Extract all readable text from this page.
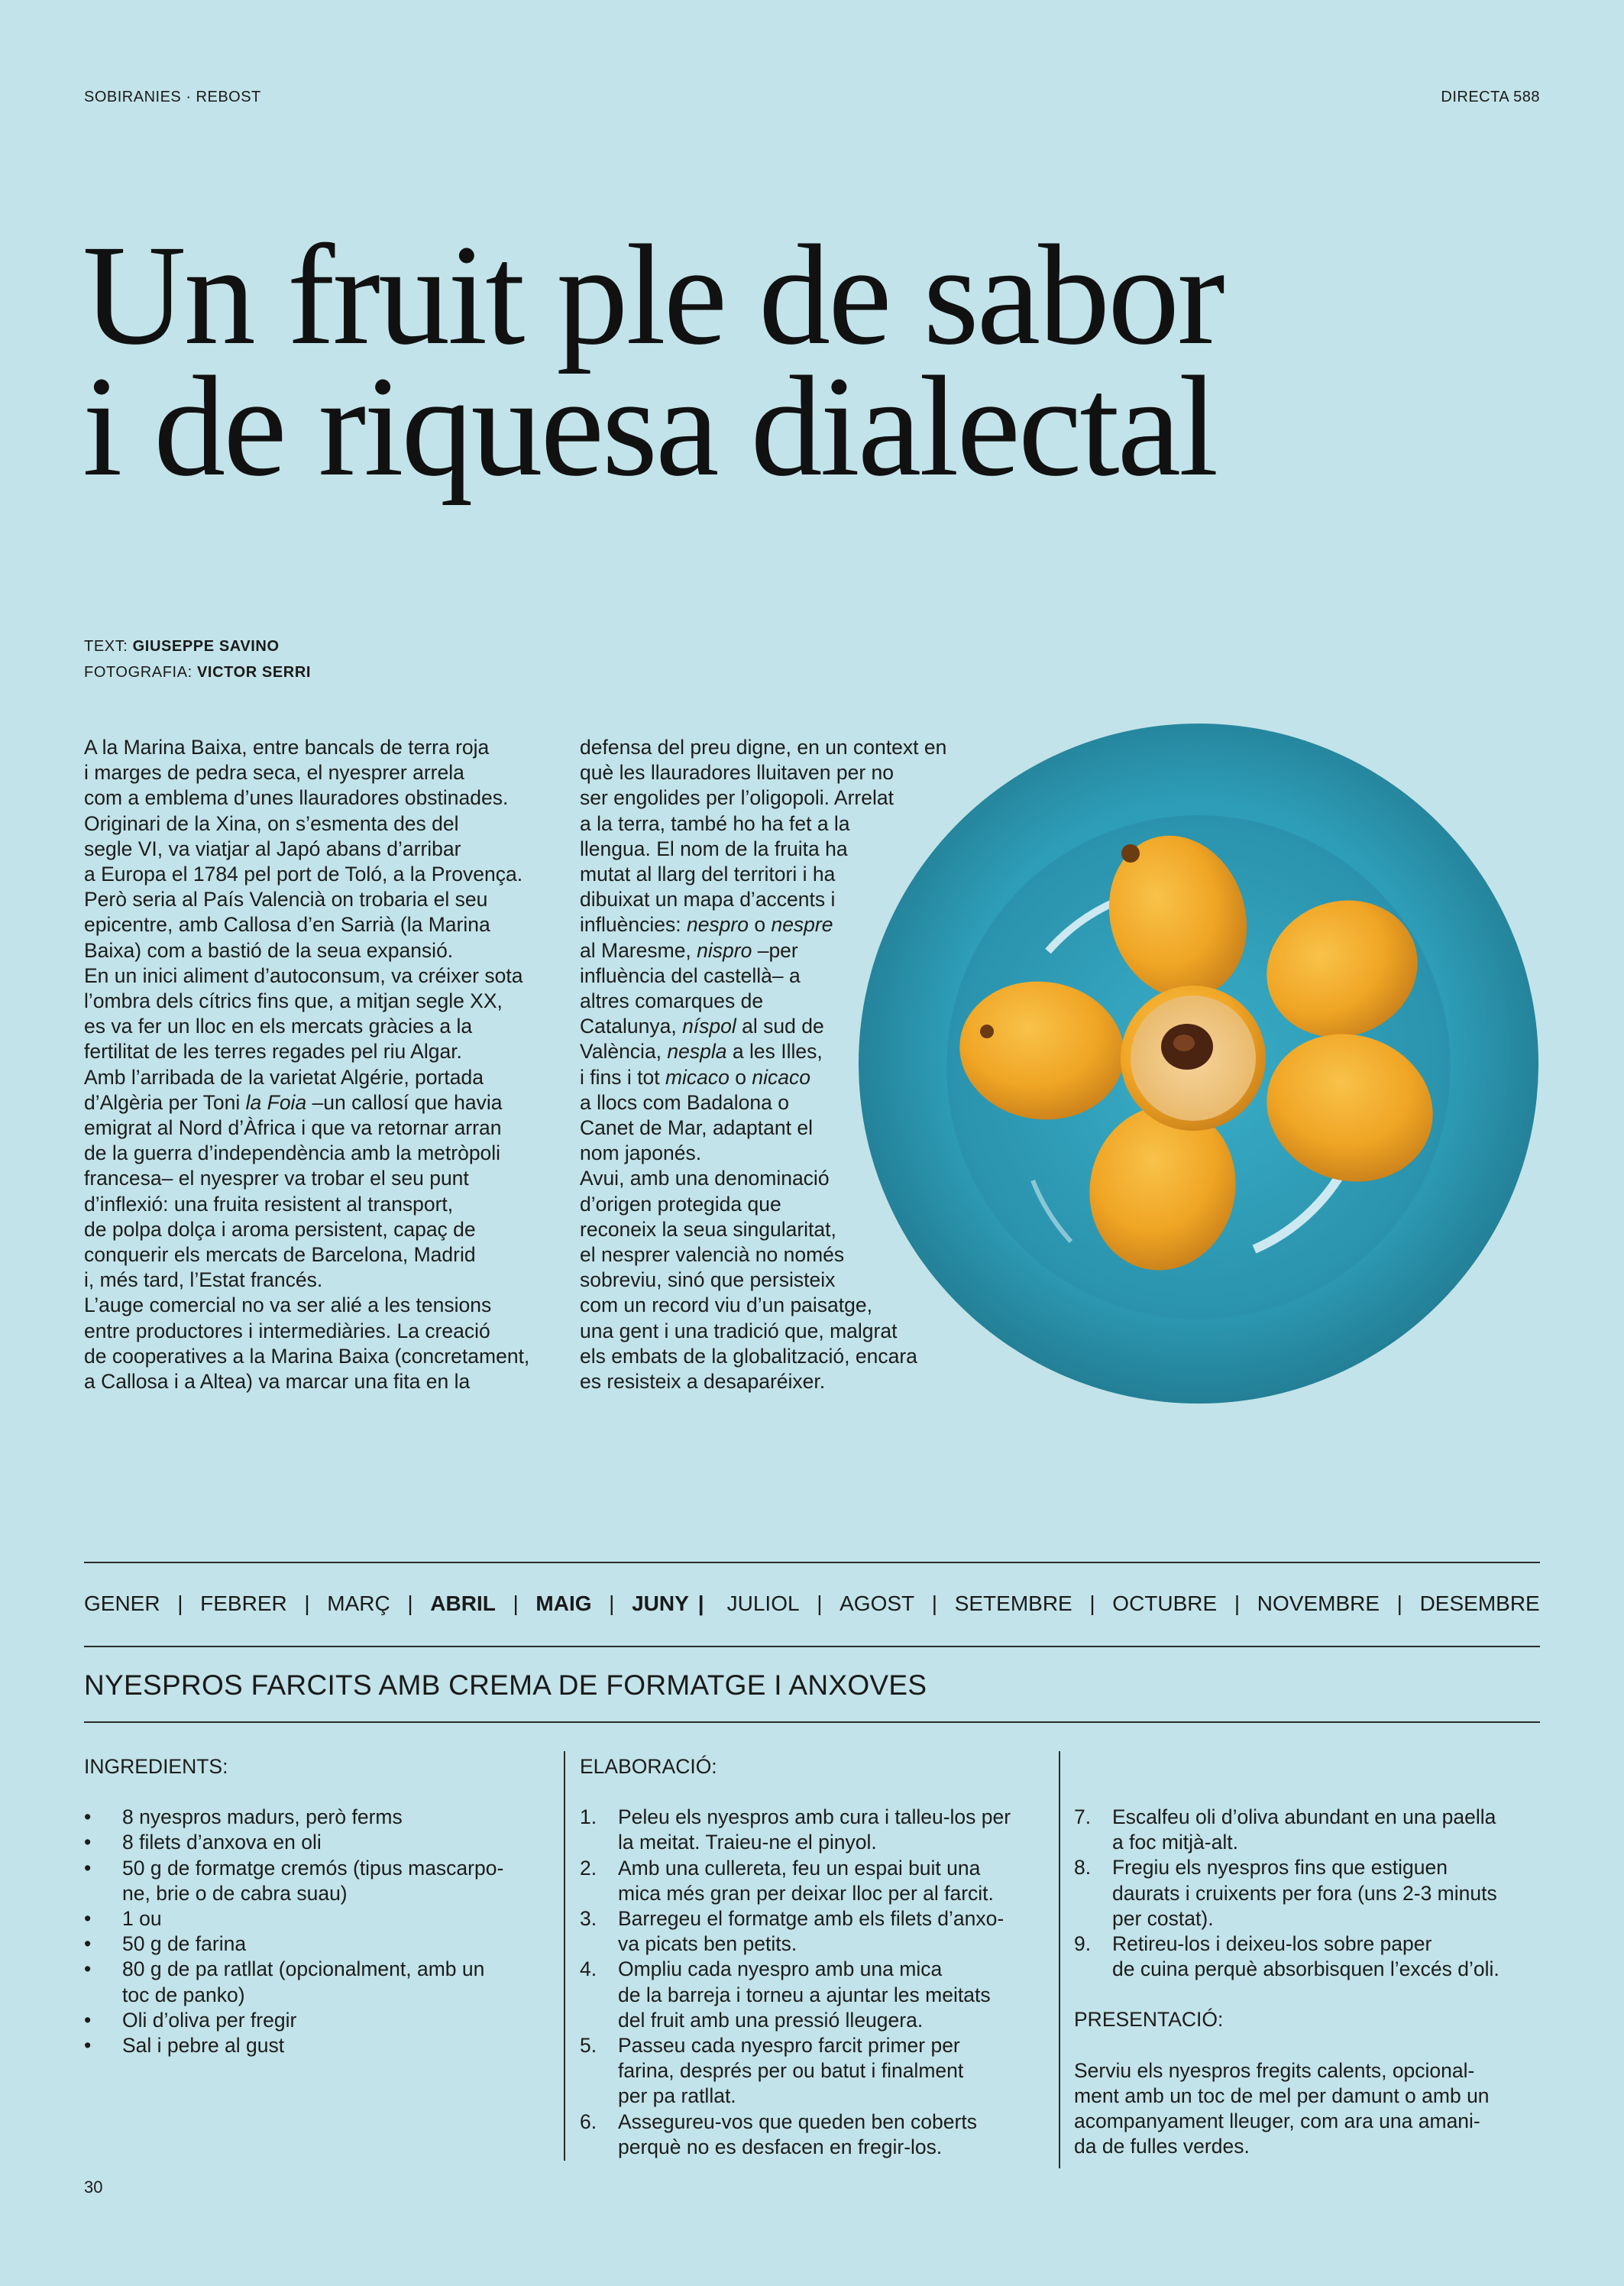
SOBIRANIES · REBOST	DIRECTA 588
Un fruit ple de sabor
i de riquesa dialectal
TEXT: GIUSEPPE SAVINO
FOTOGRAFIA: VICTOR SERRI

A la Marina Baixa, entre bancals de terra roja

i marges de pedra seca, el nyesprer arrela

com a emblema d’unes llauradores obstinades.

Originari de la Xina, on s’esmenta des del

segle VI, va viatjar al Japó abans d’arribar

a Europa el 1784 pel port de Toló, a la Provença.

Però seria al País Valencià on trobaria el seu

epicentre, amb Callosa d’en Sarrià (la Marina

Baixa) com a bastió de la seua expansió.

En un inici aliment d’autoconsum, va créixer sota

l’ombra dels cítrics fins que, a mitjan segle XX,

es va fer un lloc en els mercats gràcies a la

fertilitat de les terres regades pel riu Algar.

Amb l’arribada de la varietat Algérie, portada

d’Algèria per Toni la Foia –un callosí que havia

emigrat al Nord d’Àfrica i que va retornar arran

de la guerra d’independència amb la metròpoli

francesa– el nyesprer va trobar el seu punt

d’inflexió: una fruita resistent al transport,

de polpa dolça i aroma persistent, capaç de

conquerir els mercats de Barcelona, Madrid

i, més tard, l’Estat francés.

L’auge comercial no va ser alié a les tensions

entre productores i intermediàries. La creació

de cooperatives a la Marina Baixa (concretament,

a Callosa i a Altea) va marcar una fita en la

defensa del preu digne, en un context en

què les llauradores lluitaven per no

ser engolides per l’oligopoli. Arrelat

a la terra, també ho ha fet a la

llengua. El nom de la fruita ha

mutat al llarg del territori i ha

dibuixat un mapa d’accents i

influències: nespro o nespre

al Maresme, nispro –per

influència del castellà– a

altres comarques de

Catalunya, níspol al sud de

València, nespla a les Illes,

i fins i tot micaco o nicaco

a llocs com Badalona o

Canet de Mar, adaptant el

nom japonés.

Avui, amb una denominació

d’origen protegida que

reconeix la seua singularitat,

el nesprer valencià no només

sobreviu, sinó que persisteix

com un record viu d’un paisatge,

una gent i una tradició que, malgrat

els embats de la globalització, encara

es resisteix a desaparéixer.

GENER | FEBRER | MARÇ | ABRIL | MAIG | JUNY | JULIOL | AGOST | SETEMBRE | OCTUBRE | NOVEMBRE | DESEMBRE
NYESPROS FARCITS AMB CREMA DE FORMATGE I ANXOVES
INGREDIENTS:
• 8 nyespros madurs, però ferms
• 8 filets d’anxova en oli
• 50 g de formatge cremós (tipus mascarpo-
ne, brie o de cabra suau)
• 1 ou
• 50 g de farina
• 80 g de pa ratllat (opcionalment, amb un
toc de panko)
• Oli d’oliva per fregir
• Sal i pebre al gust
ELABORACIÓ:
1. Peleu els nyespros amb cura i talleu-los per
la meitat. Traieu-ne el pinyol.
2. Amb una cullereta, feu un espai buit una
mica més gran per deixar lloc per al farcit.
3. Barregeu el formatge amb els filets d’anxo-
va picats ben petits.
4. Ompliu cada nyespro amb una mica
de la barreja i torneu a ajuntar les meitats
del fruit amb una pressió lleugera.
5. Passeu cada nyespro farcit primer per
farina, després per ou batut i finalment
per pa ratllat.
6. Assegureu-vos que queden ben coberts
perquè no es desfacen en fregir-los.
7. Escalfeu oli d’oliva abundant en una paella
a foc mitjà-alt.
8. Fregiu els nyespros fins que estiguen
daurats i cruixents per fora (uns 2-3 minuts
per costat).
9. Retireu-los i deixeu-los sobre paper
de cuina perquè absorbisquen l’excés d’oli.
PRESENTACIÓ:
Serviu els nyespros fregits calents, opcional-
ment amb un toc de mel per damunt o amb un
acompanyament lleuger, com ara una amani-
da de fulles verdes.
30
